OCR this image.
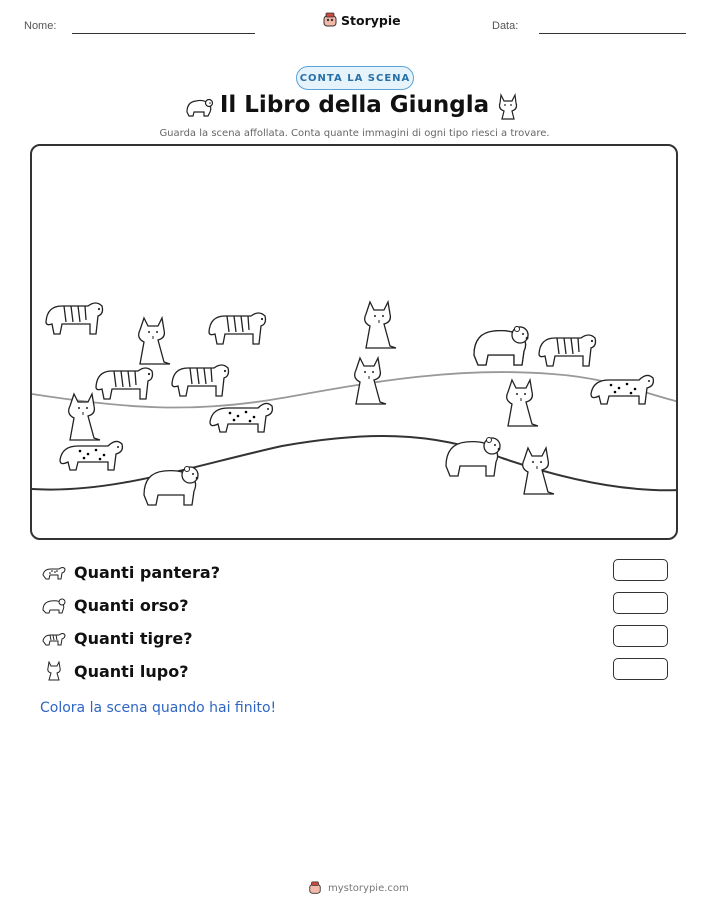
Nome:	Storypie	Data:
CONTA LA SCENA
Il Libro della Giungla
Guarda la scena affollata. Conta quante immagini di ogni tipo riesci a trovare.
Quanti pantera?
Quanti orso?
Quanti tigre?
Quanti lupo?
Colora la scena quando hai finito!
mystorypie.com
